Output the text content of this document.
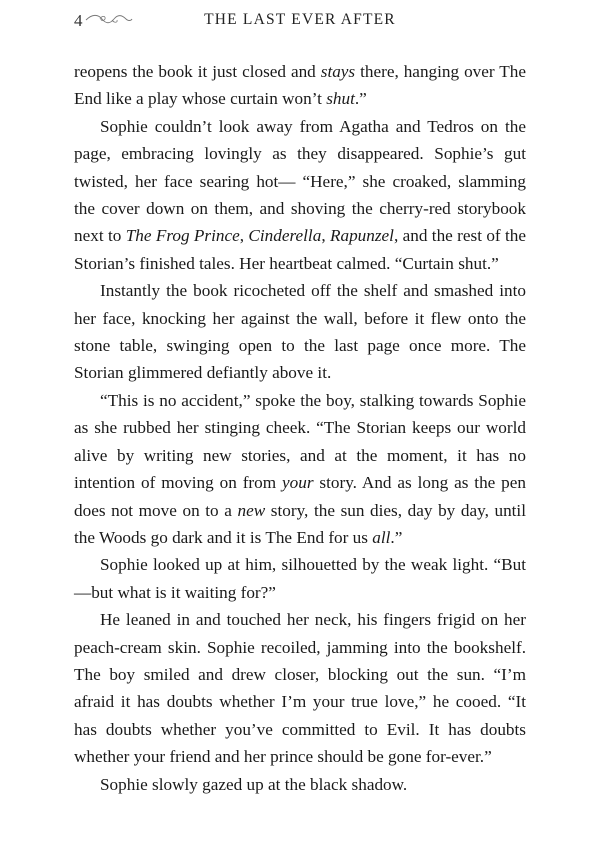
4	THE LAST EVER AFTER

reopens the book it just closed and stays there, hanging over The End like a play whose curtain won’t shut.”

Sophie couldn’t look away from Agatha and Tedros on the page, embracing lovingly as they disappeared. Sophie’s gut twisted, her face searing hot— “Here,” she croaked, slamming the cover down on them, and shoving the cherry-red storybook next to The Frog Prince, Cinderella, Rapunzel, and the rest of the Storian’s finished tales. Her heartbeat calmed. “Curtain shut.”

Instantly the book ricocheted off the shelf and smashed into her face, knocking her against the wall, before it flew onto the stone table, swinging open to the last page once more. The Storian glimmered defiantly above it.

“This is no accident,” spoke the boy, stalking towards Sophie as she rubbed her stinging cheek. “The Storian keeps our world alive by writing new stories, and at the moment, it has no intention of moving on from your story. And as long as the pen does not move on to a new story, the sun dies, day by day, until the Woods go dark and it is The End for us all.”

Sophie looked up at him, silhouetted by the weak light. “But—but what is it waiting for?”

He leaned in and touched her neck, his fingers frigid on her peach-cream skin. Sophie recoiled, jamming into the bookshelf. The boy smiled and drew closer, blocking out the sun. “I’m afraid it has doubts whether I’m your true love,” he cooed. “It has doubts whether you’ve committed to Evil. It has doubts whether your friend and her prince should be gone for-ever.”

Sophie slowly gazed up at the black shadow.
